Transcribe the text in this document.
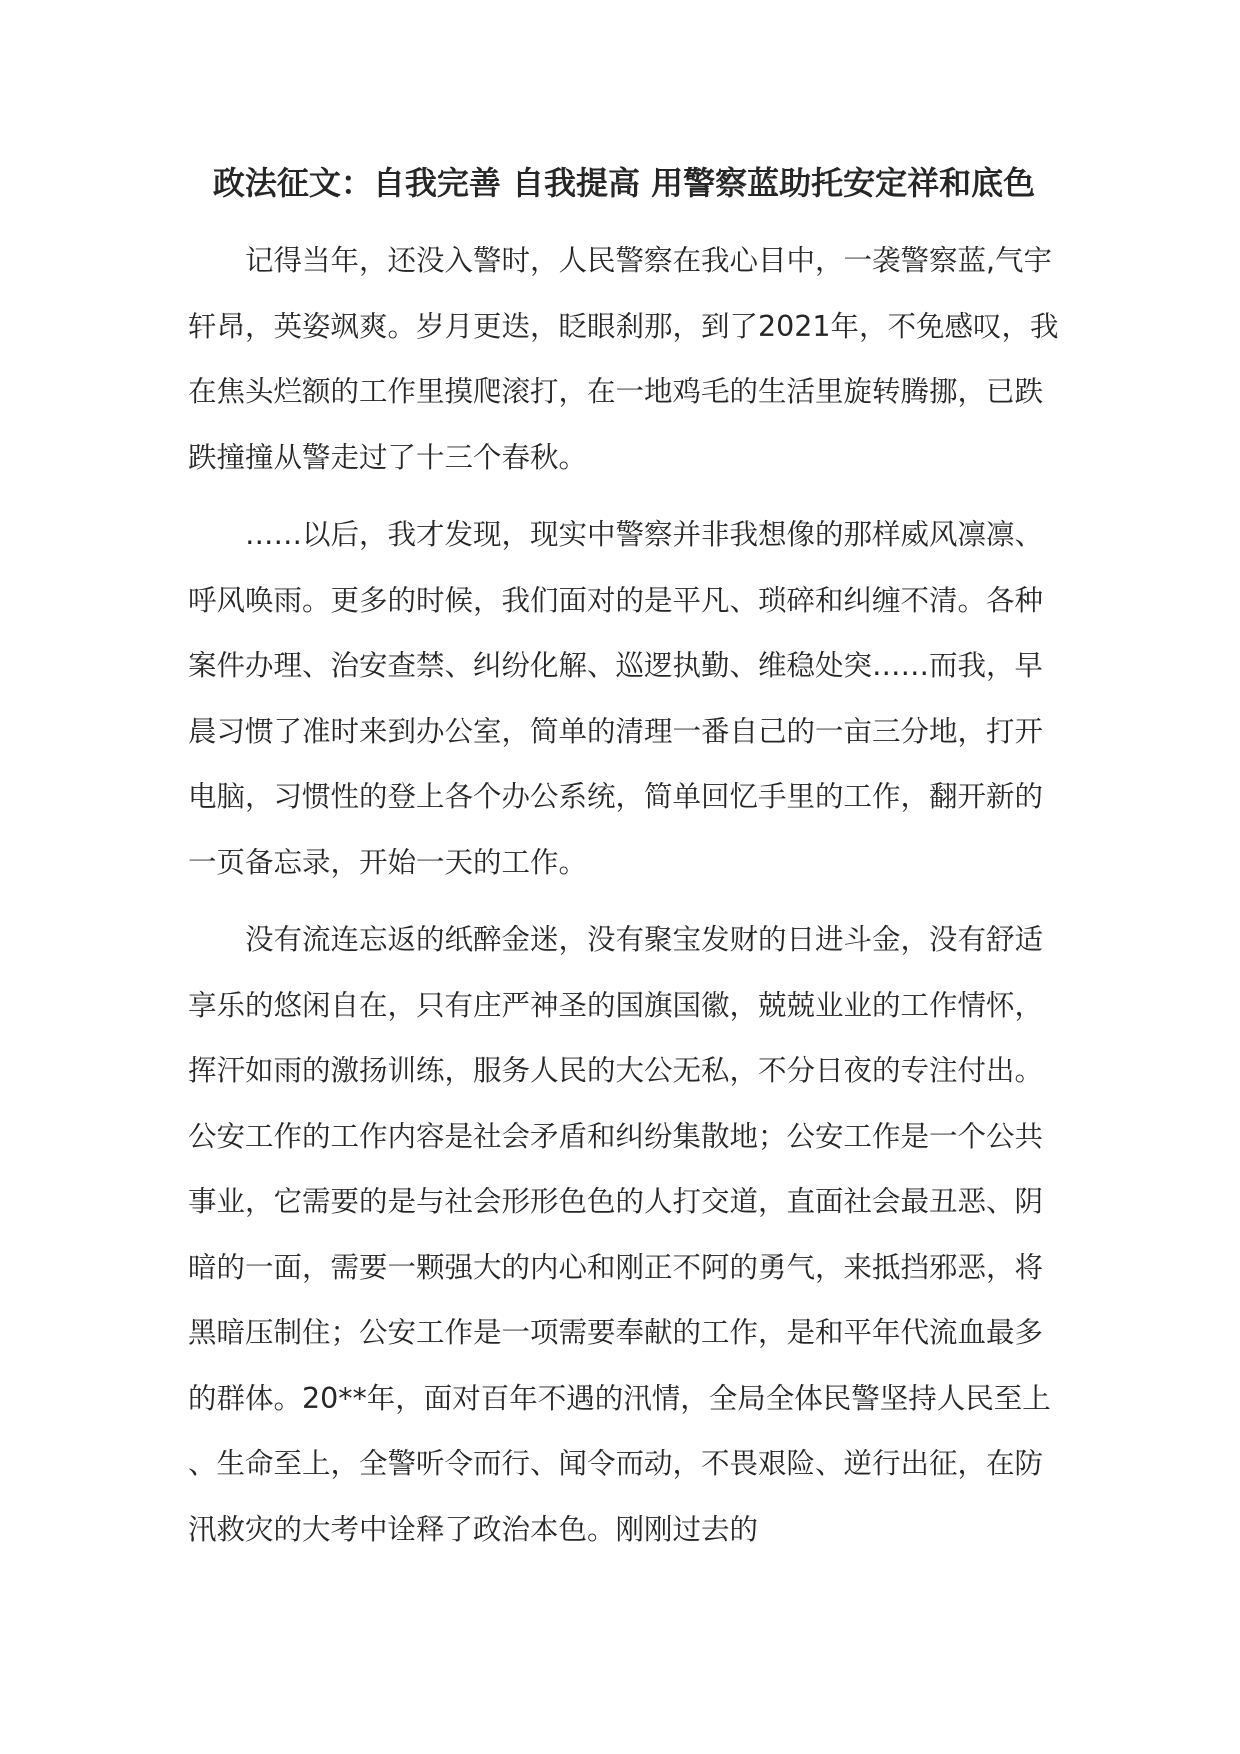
政法征文：自我完善 自我提高 用警察蓝助托安定祥和底色

记得当年，还没入警时，人民警察在我心目中，一袭警察蓝,气宇轩昂，英姿飒爽。岁月更迭，眨眼刹那，到了2021年，不免感叹，我在焦头烂额的工作里摸爬滚打，在一地鸡毛的生活里旋转腾挪，已跌跌撞撞从警走过了十三个春秋。

……以后，我才发现，现实中警察并非我想像的那样威风凛凛、呼风唤雨。更多的时候，我们面对的是平凡、琐碎和纠缠不清。各种案件办理、治安查禁、纠纷化解、巡逻执勤、维稳处突……而我，早晨习惯了准时来到办公室，简单的清理一番自己的一亩三分地，打开电脑，习惯性的登上各个办公系统，简单回忆手里的工作，翻开新的一页备忘录，开始一天的工作。

没有流连忘返的纸醉金迷，没有聚宝发财的日进斗金，没有舒适享乐的悠闲自在，只有庄严神圣的国旗国徽，兢兢业业的工作情怀，挥汗如雨的激扬训练，服务人民的大公无私，不分日夜的专注付出。公安工作的工作内容是社会矛盾和纠纷集散地；公安工作是一个公共事业，它需要的是与社会形形色色的人打交道，直面社会最丑恶、阴暗的一面，需要一颗强大的内心和刚正不阿的勇气，来抵挡邪恶，将黑暗压制住；公安工作是一项需要奉献的工作，是和平年代流血最多的群体。20**年，面对百年不遇的汛情，全局全体民警坚持人民至上、生命至上，全警听令而行、闻令而动，不畏艰险、逆行出征，在防汛救灾的大考中诠释了政治本色。刚刚过去的
